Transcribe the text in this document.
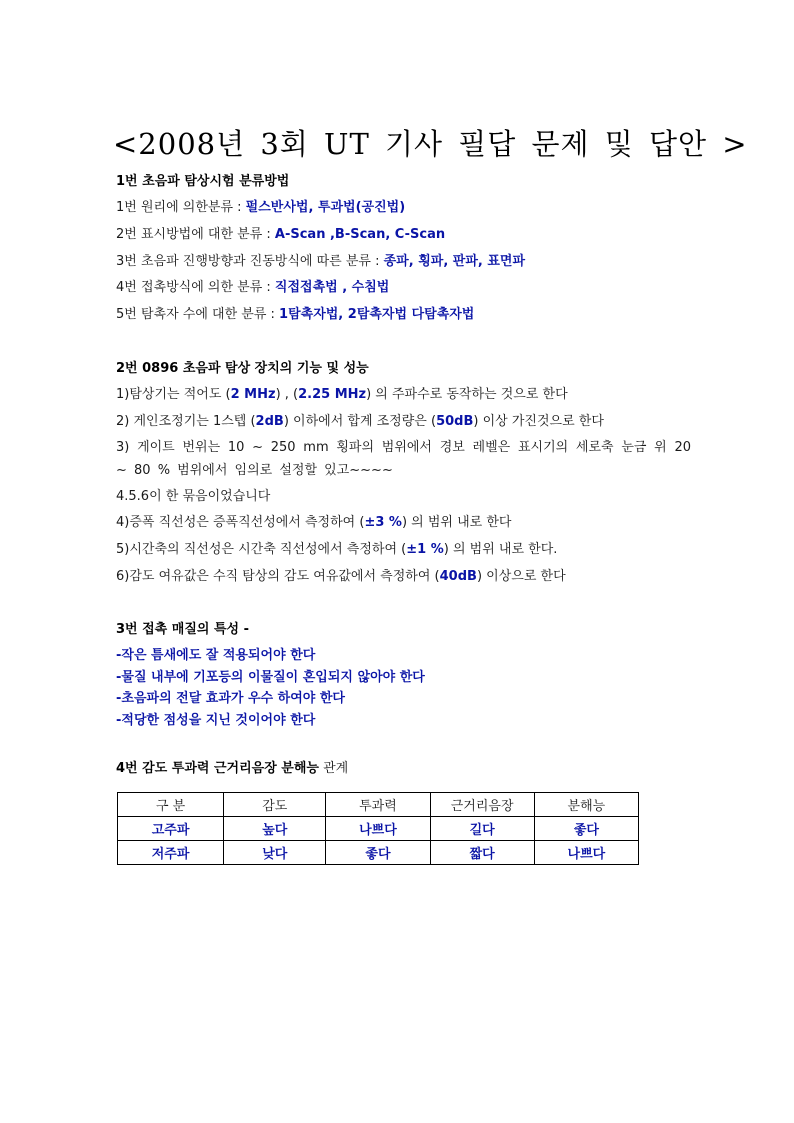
<2008년 3회 UT 기사 필답 문제 및 답안 >
1번 초음파 탐상시험 분류방법
1번 원리에 의한분류 : 펄스반사법, 투과법(공진법)
2번 표시방법에 대한 분류 : A-Scan ,B-Scan, C-Scan
3번 초음파 진행방향과 진동방식에 따른 분류 : 종파, 횡파, 판파, 표면파
4번 접촉방식에 의한 분류 : 직접접촉법 , 수침법
5번 탐촉자 수에 대한 분류 : 1탐촉자법, 2탐촉자법 다탐촉자법
2번 0896 초음파 탐상 장치의 기능 및 성능
1)탐상기는 적어도 (2 MHz) , (2.25 MHz) 의 주파수로 동작하는 것으로 한다
2) 게인조정기는 1스텝 (2dB) 이하에서 합계 조정량은 (50dB) 이상 가진것으로 한다
3) 게이트 번위는 10 ~ 250 mm 횡파의 범위에서 경보 레벨은 표시기의 세로축 눈금 위 20 ~ 80 % 범위에서 임의로 설정할 있고~~~~
4.5.6이 한 묶음이었습니다
4)증폭 직선성은 증폭직선성에서 측정하여 (±3 %) 의 범위 내로 한다
5)시간축의 직선성은 시간축 직선성에서 측정하여 (±1 %) 의 범위 내로 한다.
6)감도 여유값은 수직 탐상의 감도 여유값에서 측정하여 (40dB) 이상으로 한다
3번 접촉 매질의 특성 -
-작은 틈새에도 잘 적용되어야 한다
-물질 내부에 기포등의 이물질이 혼입되지 않아야 한다
-초음파의 전달 효과가 우수 하여야 한다
-적당한 점성을 지닌 것이어야 한다
4번 감도 투과력 근거리음장 분해능 관계
구 분	감도	투과력	근거리음장	분해능
고주파	높다	나쁘다	길다	좋다
저주파	낮다	좋다	짧다	나쁘다
